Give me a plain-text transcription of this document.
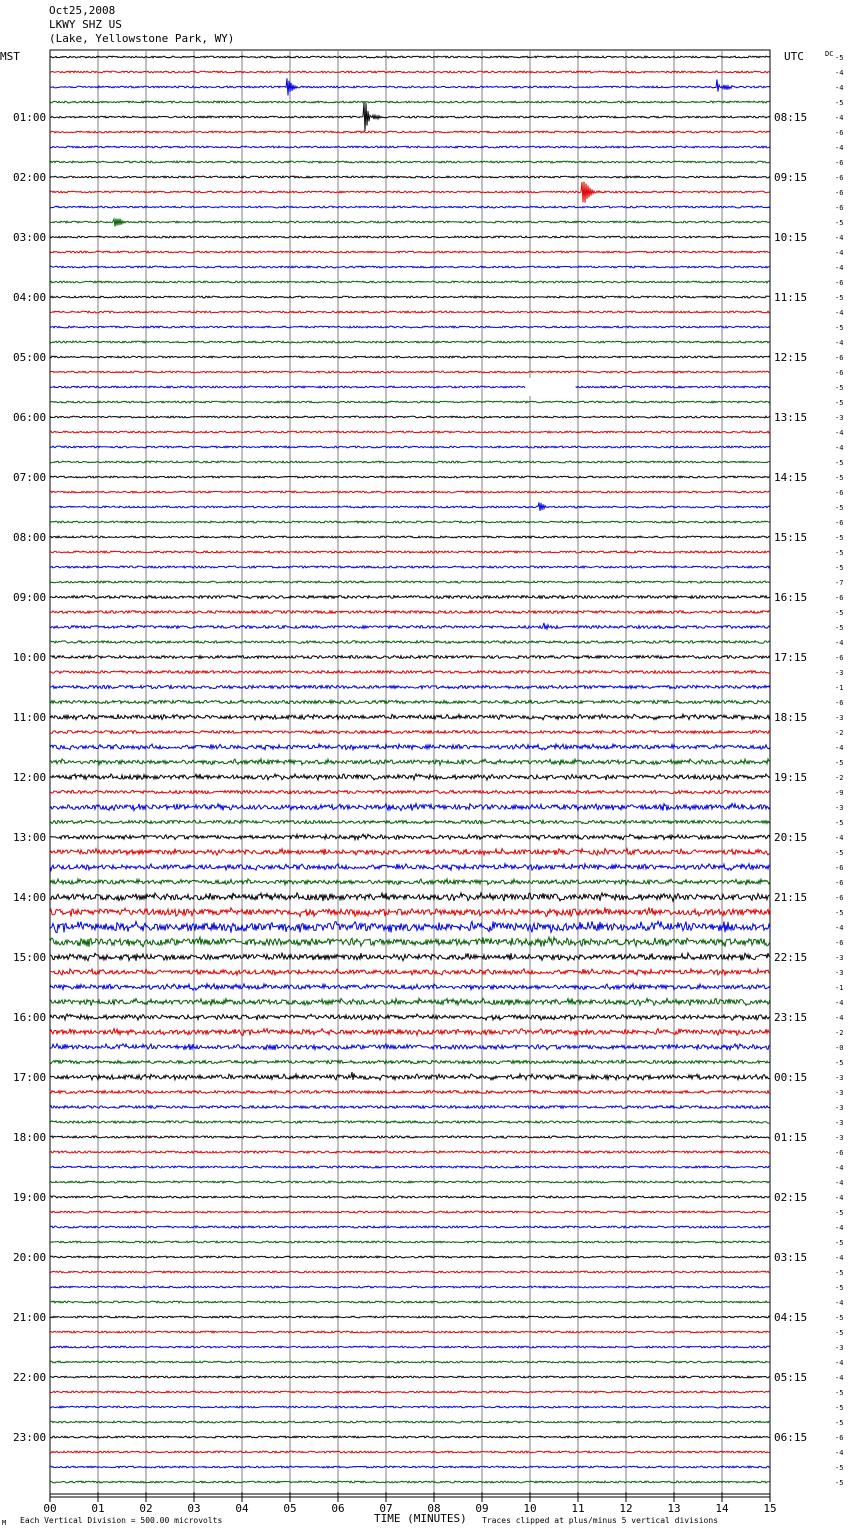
Oct25,2008
LKWY SHZ US
(Lake, Yellowstone Park, WY)
MST	UTC	DC
01:00
02:00
03:00
04:00
05:00
06:00
07:00
08:00
09:00
10:00
11:00
12:00
13:00
14:00
15:00
16:00
17:00
18:00
19:00
20:00
21:00
22:00
23:00
08:15
09:15
10:15
11:15
12:15
13:15
14:15
15:15
16:15
17:15
18:15
19:15
20:15
21:15
22:15
23:15
00:15
01:15
02:15
03:15
04:15
05:15
06:15
-5
-4
-4
-5
-4
-6
-4
-6
-6
-6
-6
-5
-4
-4
-4
-6
-5
-4
-5
-4
-6
-6
-5
-5
-3
-4
-4
-5
-5
-6
-5
-6
-5
-5
-5
-7
-6
-5
-5
-4
-6
-3
-1
-6
-3
-2
-4
-5
-2
-9
-3
-5
-4
-5
-6
-6
-6
-5
-4
-6
-3
-3
-1
-4
-4
-2
-0
-5
-3
-3
-3
-3
-3
-6
-4
-4
-4
-5
-4
-5
-4
-5
-5
-4
-5
-5
-3
-4
-4
-5
-5
-5
-6
-4
-5
-5
00	01	02	03	04	05	06	07	08	09	10	11	12	13	14	15
TIME (MINUTES)
Each Vertical Division = 500.00 microvolts	Traces clipped at plus/minus 5 vertical divisions
M
